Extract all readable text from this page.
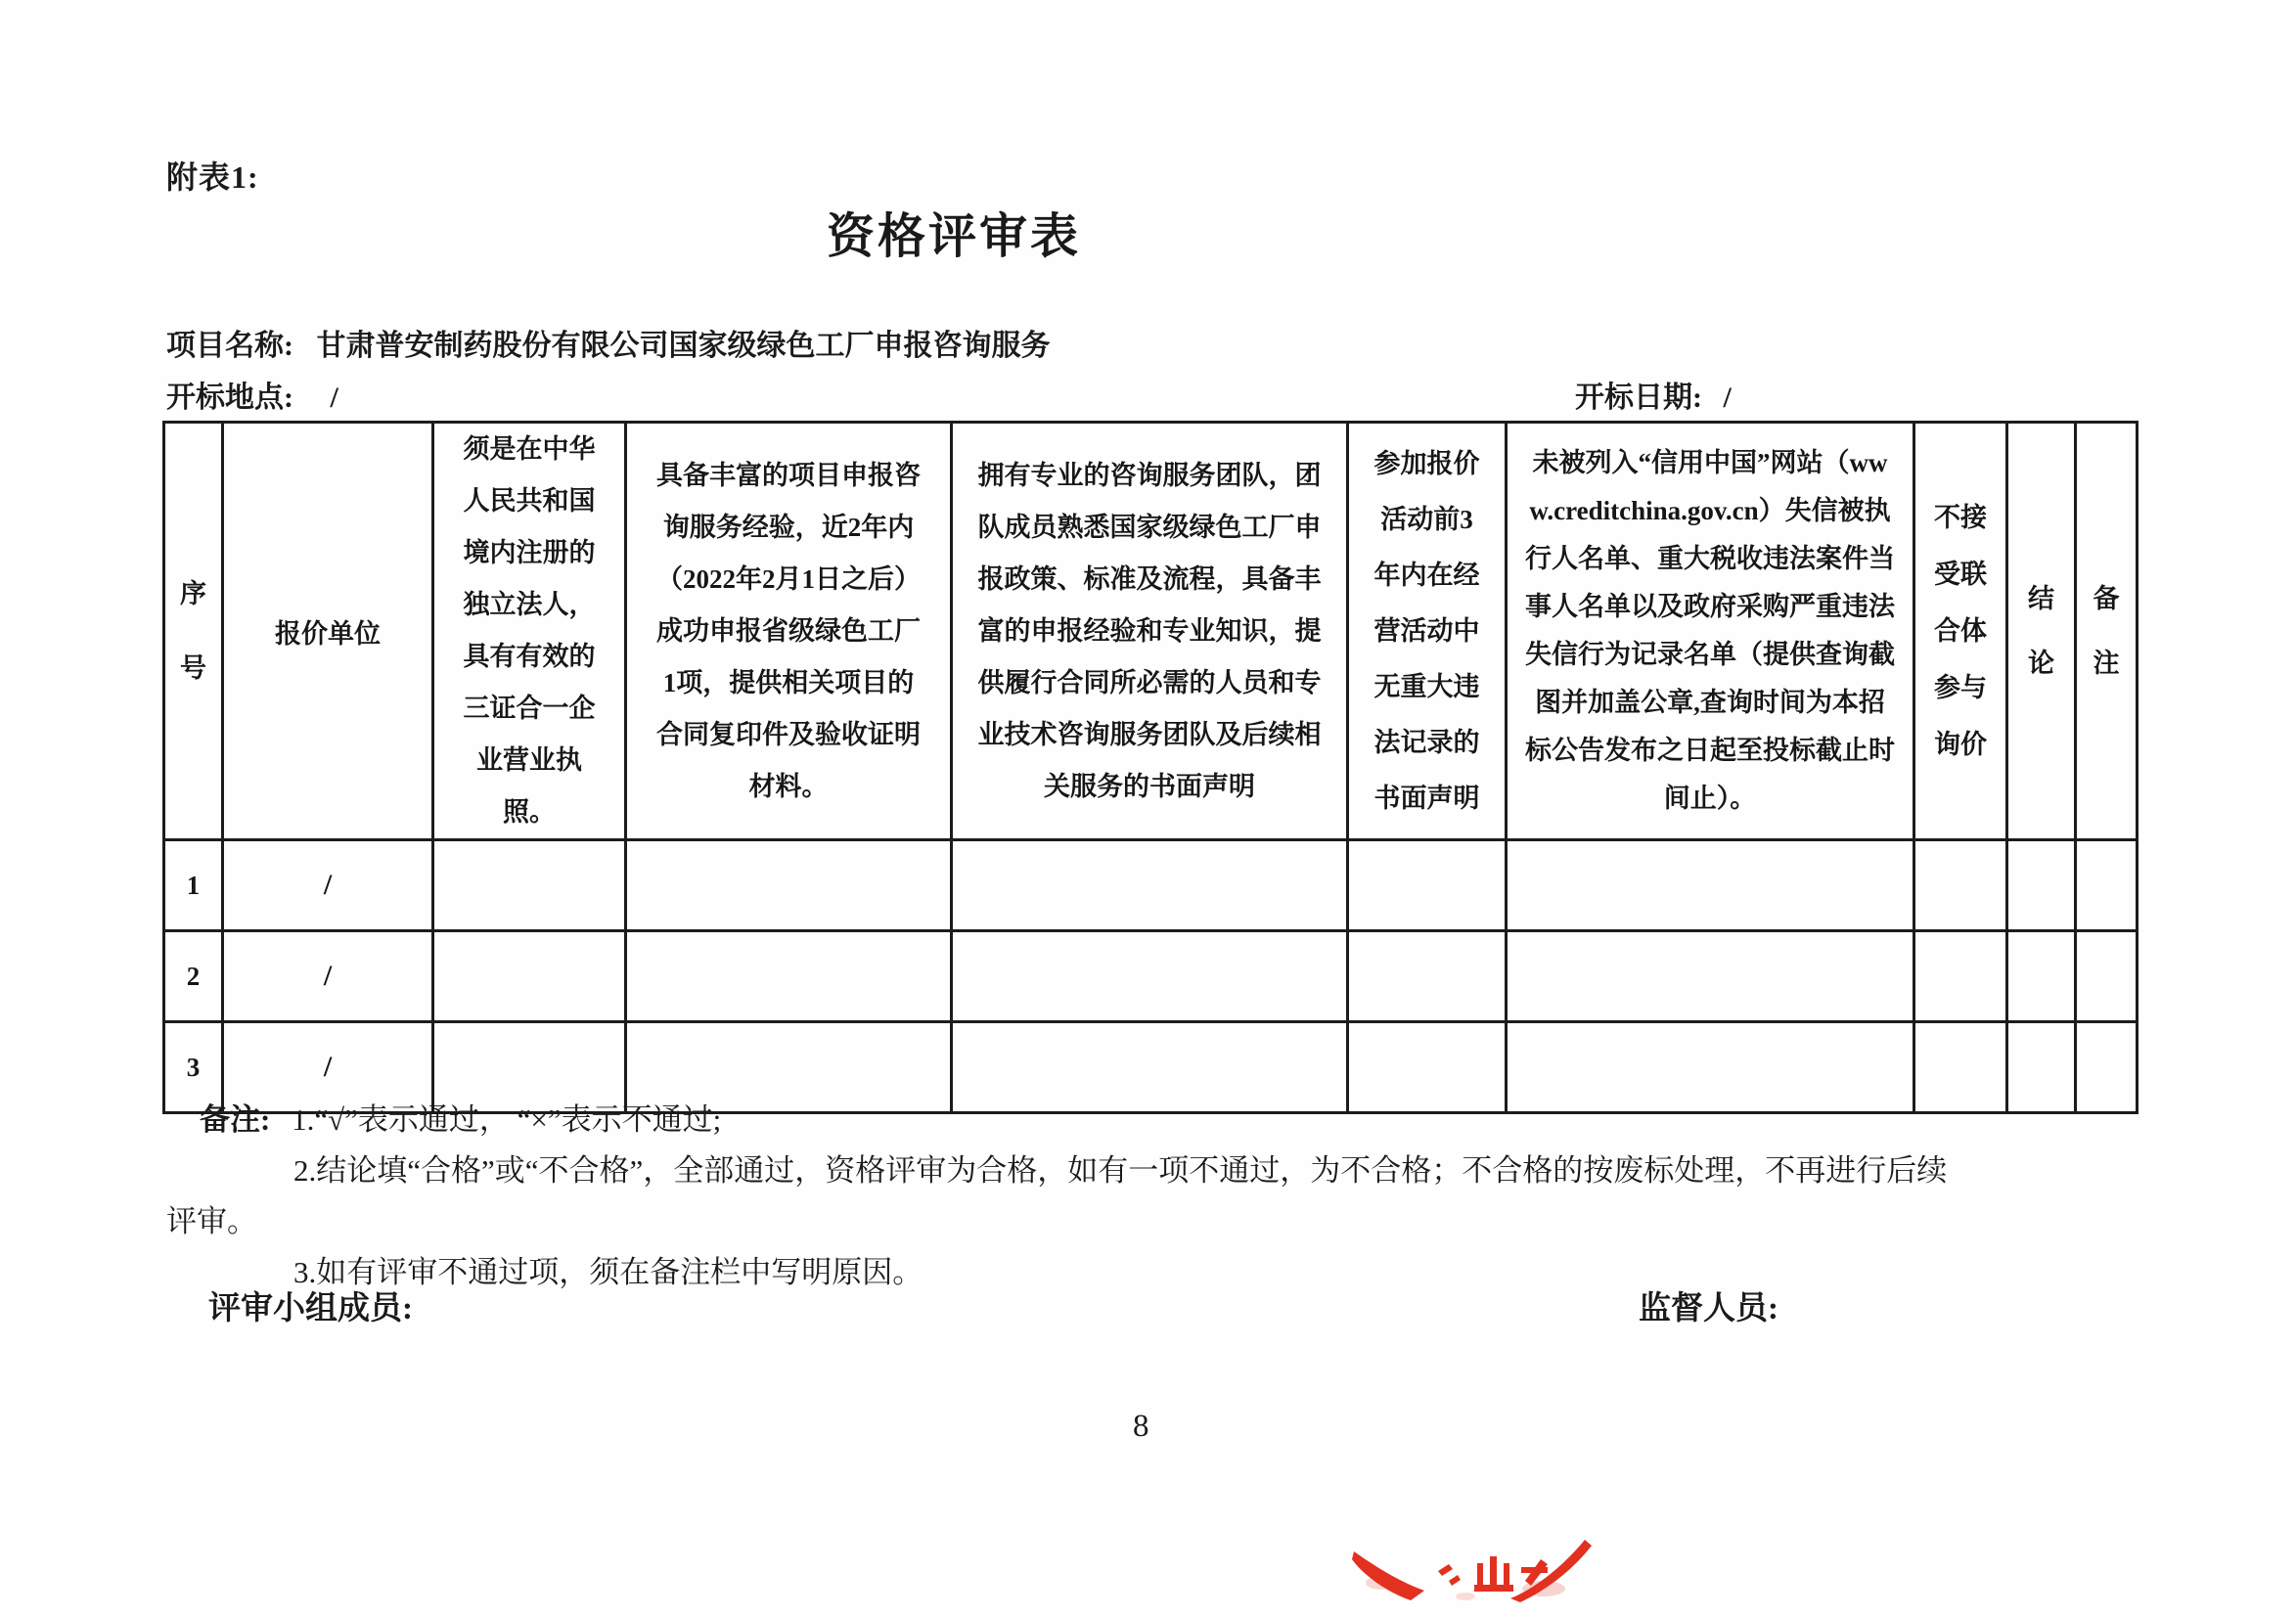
附表1:
资格评审表
项目名称: 甘肃普安制药股份有限公司国家级绿色工厂申报咨询服务
开标地点: /	开标日期: /
序号	报价单位	须是在中华人民共和国境内注册的独立法人，具有有效的三证合一企业营业执照。	具备丰富的项目申报咨询服务经验，近2年内（2022年2月1日之后）成功申报省级绿色工厂1项，提供相关项目的合同复印件及验收证明材料。	拥有专业的咨询服务团队，团队成员熟悉国家级绿色工厂申报政策、标准及流程，具备丰富的申报经验和专业知识，提供履行合同所必需的人员和专业技术咨询服务团队及后续相关服务的书面声明	参加报价活动前3年内在经营活动中无重大违法记录的书面声明	未被列入“信用中国”网站（www.creditchina.gov.cn）失信被执行人名单、重大税收违法案件当事人名单以及政府采购严重违法失信行为记录名单（提供查询截图并加盖公章,查询时间为本招标公告发布之日起至投标截止时间止）。	不接受联合体参与询价	结论	备注
1	/								
2	/								
3	/								
备注: 1.“√”表示通过， “×”表示不通过;
2.结论填“合格”或“不合格”，全部通过，资格评审为合格，如有一项不通过，为不合格；不合格的按废标处理，不再进行后续
评审。
3.如有评审不通过项，须在备注栏中写明原因。
评审小组成员:	监督人员:
8
